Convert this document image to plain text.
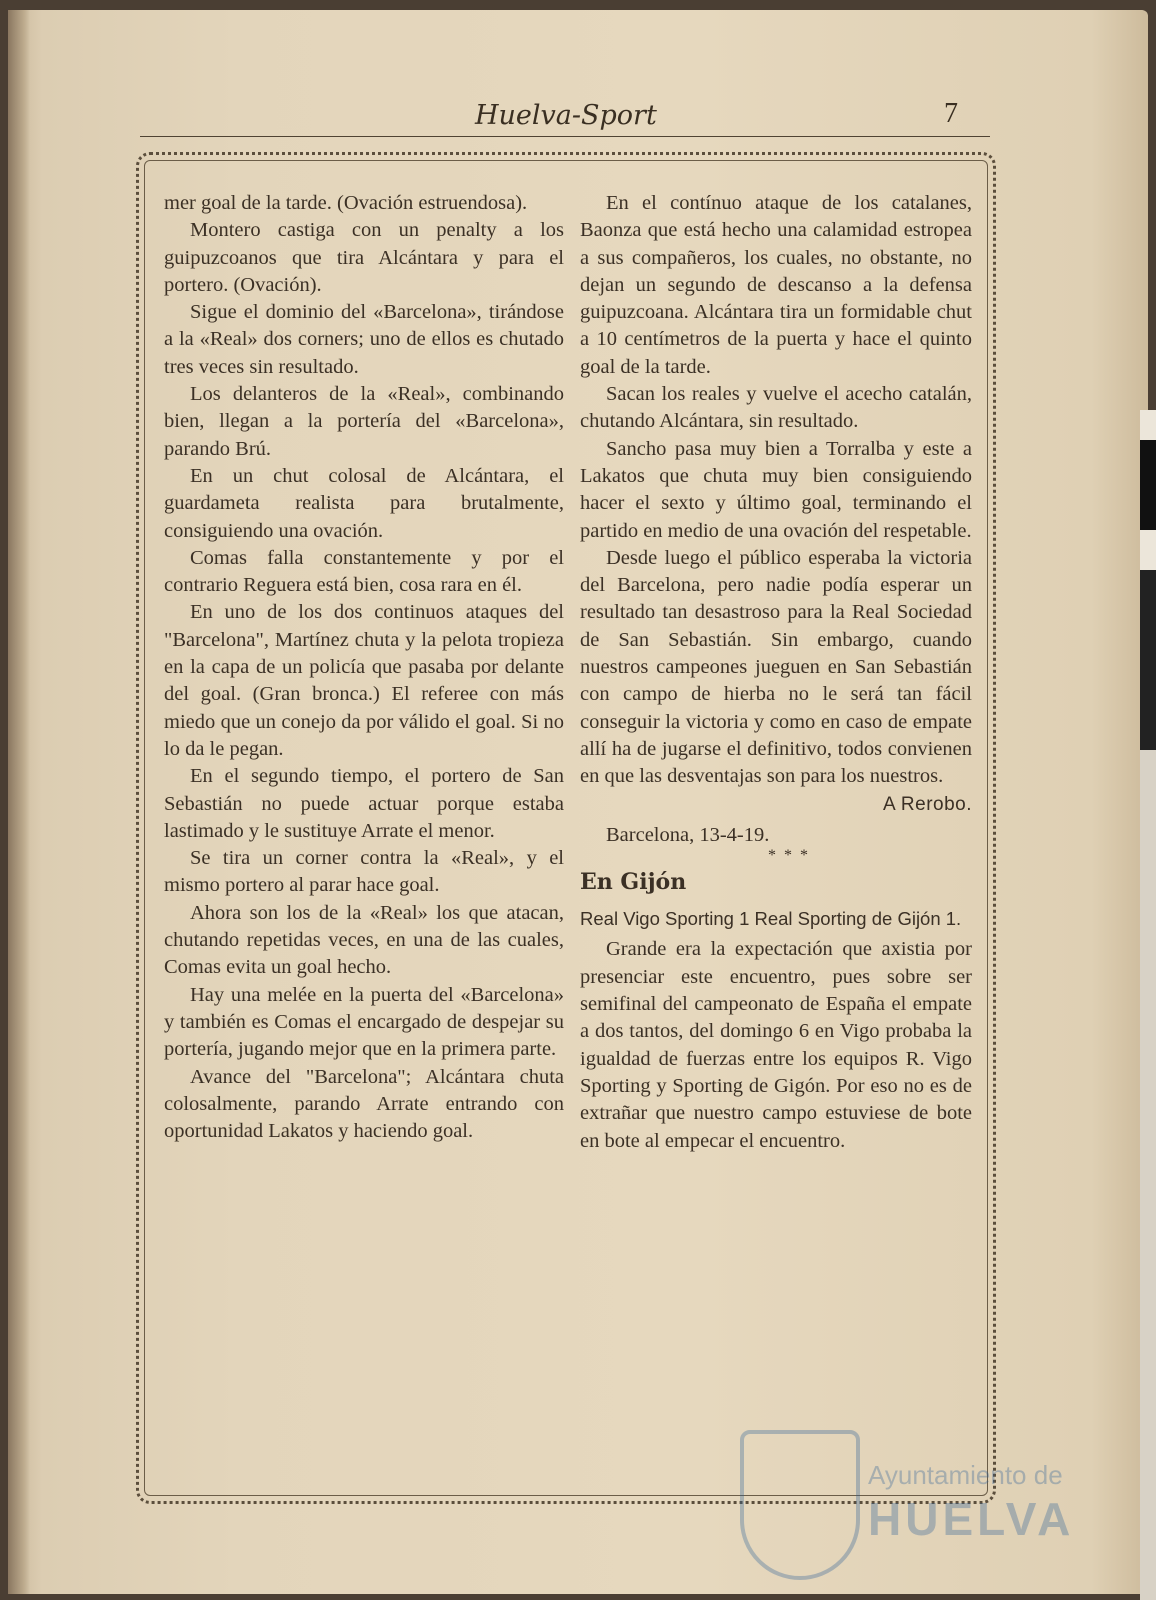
Huelva-Sport	7

mer goal de la tarde. (Ovación estruendosa).

Montero castiga con un penalty a los guipuzcoanos que tira Alcántara y para el portero. (Ovación).

Sigue el dominio del «Barcelona», tirándose a la «Real» dos corners; uno de ellos es chutado tres veces sin resultado.

Los delanteros de la «Real», combinando bien, llegan a la portería del «Barcelona», parando Brú.

En un chut colosal de Alcántara, el guardameta realista para brutalmente, consiguiendo una ovación.

Comas falla constantemente y por el contrario Reguera está bien, cosa rara en él.

En uno de los dos continuos ataques del "Barcelona", Martínez chuta y la pelota tropieza en la capa de un policía que pasaba por delante del goal. (Gran bronca.) El referee con más miedo que un conejo da por válido el goal. Si no lo da le pegan.

En el segundo tiempo, el portero de San Sebastián no puede actuar porque estaba lastimado y le sustituye Arrate el menor.

Se tira un corner contra la «Real», y el mismo portero al parar hace goal.

Ahora son los de la «Real» los que atacan, chutando repetidas veces, en una de las cuales, Comas evita un goal hecho.

Hay una melée en la puerta del «Barcelona» y también es Comas el encargado de despejar su portería, jugando mejor que en la primera parte.

Avance del "Barcelona"; Alcántara chuta colosalmente, parando Arrate entrando con oportunidad Lakatos y haciendo goal.

En el contínuo ataque de los catalanes, Baonza que está hecho una calamidad estropea a sus compañeros, los cuales, no obstante, no dejan un segundo de descanso a la defensa guipuzcoana. Alcántara tira un formidable chut a 10 centímetros de la puerta y hace el quinto goal de la tarde.

Sacan los reales y vuelve el acecho catalán, chutando Alcántara, sin resultado.

Sancho pasa muy bien a Torralba y este a Lakatos que chuta muy bien consiguiendo hacer el sexto y último goal, terminando el partido en medio de una ovación del respetable.

Desde luego el público esperaba la victoria del Barcelona, pero nadie podía esperar un resultado tan desastroso para la Real Sociedad de San Sebastián. Sin embargo, cuando nuestros campeones jueguen en San Sebastián con campo de hierba no le será tan fácil conseguir la victoria y como en caso de empate allí ha de jugarse el definitivo, todos convienen en que las desventajas son para los nuestros.

A Rerobo.

Barcelona, 13-4-19.

* * *

En Gijón

Real Vigo Sporting 1 Real Sporting de Gijón 1.

Grande era la expectación que axistia por presenciar este encuentro, pues sobre ser semifinal del campeonato de España el empate a dos tantos, del domingo 6 en Vigo probaba la igualdad de fuerzas entre los equipos R. Vigo Sporting y Sporting de Gigón. Por eso no es de extrañar que nuestro campo estuviese de bote en bote al empecar el encuentro.

Ayuntamiento de
HUELVA
